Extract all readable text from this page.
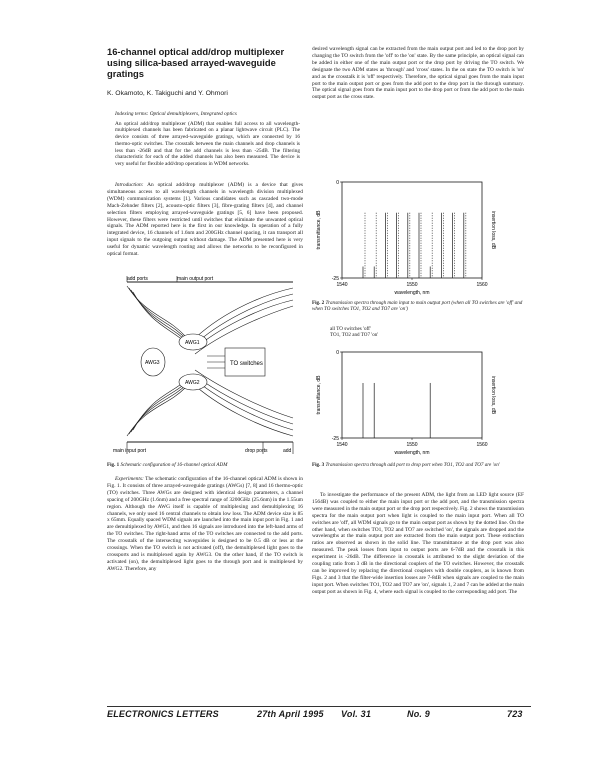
16-channel optical add/drop multiplexer using silica-based arrayed-waveguide gratings
K. Okamoto, K. Takiguchi and Y. Ohmori
Indexing terms: Optical demultiplexers, Integrated optics
An optical add/drop multiplexer (ADM) that enables full access to all wavelength-multiplexed channels has been fabricated on a planar lightwave circuit (PLC). The device consists of three arrayed-waveguide gratings, which are connected by 16 thermo-optic switches. The crosstalk between the main channels and drop channels is less than -26dB and that for the add channels is less than -25dB. The filtering characteristic for each of the added channels has also been measured. The device is very useful for flexible add/drop operations in WDM networks.

Introduction: An optical add/drop multiplexer (ADM) is a device that gives simultaneous access to all wavelength channels in wavelength division multiplexed (WDM) communication systems [1]. Various candidates such as cascaded two-mode Mach-Zehnder filters [2], acousto-optic filters [3], fibre-grating filters [4], and channel selection filters employing arrayed-waveguide gratings [5, 6] have been proposed. However, these filters were restricted until switches that eliminate the unwanted optical signals. The ADM reported here is the first in our knowledge. In operation of a fully integrated device, 16 channels of 1.6nm and 200GHz channel spacing, it can transport all input signals to the outgoing output without damage. The ADM presented here is very useful for dynamic wavelength routing and allows the networks to be reconfigured in optical format.

add ports	main output port
AWG1
AWG2
AWG3	TO switches
main input port	drop ports	add
Fig. 1 Schematic configuration of 16-channel optical ADM

Experiments: The schematic configuration of the 16-channel optical ADM is shown in Fig. 1. It consists of three arrayed-waveguide gratings (AWGs) [7, 8] and 16 thermo-optic (TO) switches. Three AWGs are designed with identical design parameters, a channel spacing of 200GHz (1.6nm) and a free spectral range of 3200GHz (25.6nm) in the 1.55um region. Although the AWG itself is capable of multiplexing and demultiplexing 16 channels, we only used 16 central channels to obtain low loss. The ADM device size is 85 x 65mm. Equally spaced WDM signals are launched into the main input port in Fig. 1 and are demultiplexed by AWG1, and then 16 signals are introduced into the left-hand arms of the TO switches. The right-hand arms of the TO switches are connected to the add ports. The crosstalk of the intersecting waveguides is designed to be 0.5 dB or less at the crossings. When the TO switch is not activated (off), the demultiplexed light goes to the crossports and is multiplexed again by AWG3. On the other hand, if the TO switch is activated (on), the demultiplexed light goes to the through port and is multiplexed by AWG2. Therefore, any

desired wavelength signal can be extracted from the main output port and led to the drop port by changing the TO switch from the 'off' to the 'on' state. By the same principle, an optical signal can be added in either one of the main output port or the drop port by driving the TO switch. We designate the two ADM states as 'through' and 'cross' states. In the on state the TO switch is 'on' and as the crosstalk it is 'off' respectively. Therefore, the optical signal goes from the main input port to the main output port or goes from the add port to the drop port in the through summary. The optical signal goes from the main input port to the drop port or from the add port to the main output port as the cross state.

1540	1550	1560
0
-25
wavelength, nm
transmittance, dB	insertion loss, dB
Fig. 2 Transmission spectra through main input to main output port (when all TO switches are 'off' and when TO switches TO1, TO2 and TO7 are 'on')
all TO switches 'off'
TO1, TO2 and TO7 'on'
1540	1550	1560
0
-25
wavelength, nm
transmittance, dB	insertion loss, dB
Fig. 3 Transmission spectra through add port to drop port when TO1, TO2 and TO7 are 'on'

To investigate the performance of the present ADM, the light from an LED light source (EF 1564B) was coupled to either the main input port or the add port, and the transmission spectra were measured in the main output port or the drop port respectively. Fig. 2 shows the transmission spectra for the main output port when light is coupled to the main input port. When all TO switches are 'off', all WDM signals go to the main output port as shown by the dotted line. On the other hand, when switches TO1, TO2 and TO7 are switched 'on', the signals are dropped and the wavelengths at the main output port are extracted from the main output port. These extinction ratios are observed as shown in the solid line. The transmittance at the drop port was also measured. The peak losses from input to output ports are 6-7dB and the crosstalk in this experiment is -26dB. The difference in crosstalk is attributed to the slight deviation of the coupling ratio from 3 dB in the directional couplers of the TO switches. However, the crosstalk can be improved by replacing the directional couplers with double couplers, as is known from Figs. 2 and 3 that the filter-wide insertion losses are 7-8dB when signals are coupled to the main input port. When switches TO1, TO2 and TO7 are 'on', signals 1, 2 and 7 can be added at the main output port as shown in Fig. 4, where each signal is coupled to the corresponding add port. The

ELECTRONICS LETTERS	27th April 1995 Vol. 31	No. 9	723
